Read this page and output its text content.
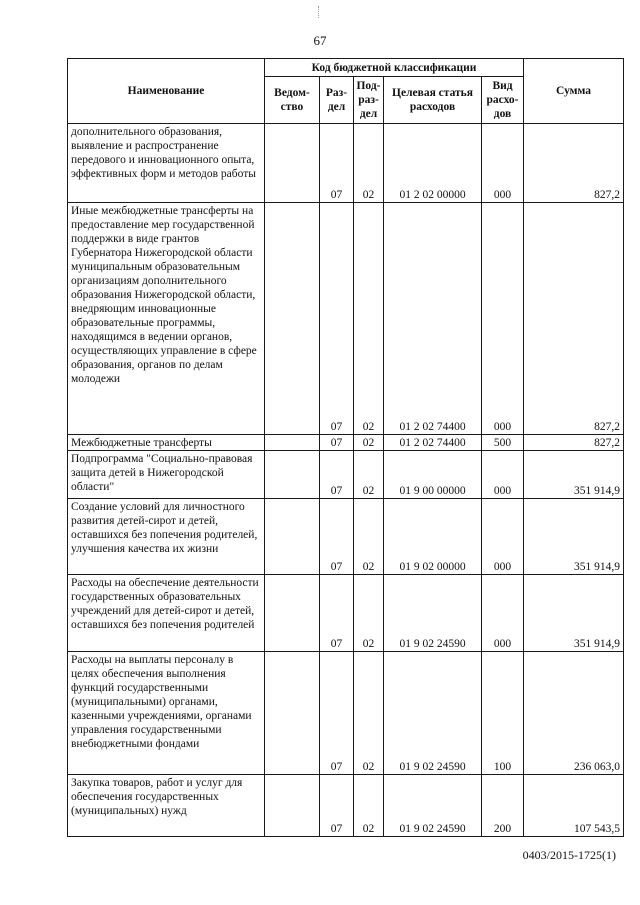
67
Наименование	Код бюджетной классификации					Сумма
	Ведом-ство	Раз-дел	Под-раз-дел	Целевая статья расходов	Вид расхо-дов	
дополнительного образования, выявление и распространение передового и инновационного опыта, эффективных форм и методов работы		07	02	01 2 02 00000	000	827,2
Иные межбюджетные трансферты на предоставление мер государственной поддержки в виде грантов Губернатора Нижегородской области муниципальным образовательным организациям дополнительного образования Нижегородской области, внедряющим инновационные образовательные программы, находящимся в ведении органов, осуществляющих управление в сфере образования, органов по делам молодежи		07	02	01 2 02 74400	000	827,2
Межбюджетные трансферты		07	02	01 2 02 74400	500	827,2
Подпрограмма "Социально-правовая защита детей в Нижегородской области"		07	02	01 9 00 00000	000	351 914,9
Создание условий для личностного развития детей-сирот и детей, оставшихся без попечения родителей, улучшения качества их жизни		07	02	01 9 02 00000	000	351 914,9
Расходы на обеспечение деятельности государственных образовательных учреждений для детей-сирот и детей, оставшихся без попечения родителей		07	02	01 9 02 24590	000	351 914,9
Расходы на выплаты персоналу в целях обеспечения выполнения функций государственными (муниципальными) органами, казенными учреждениями, органами управления государственными внебюджетными фондами		07	02	01 9 02 24590	100	236 063,0
Закупка товаров, работ и услуг для обеспечения государственных (муниципальных) нужд		07	02	01 9 02 24590	200	107 543,5
0403/2015-1725(1)
